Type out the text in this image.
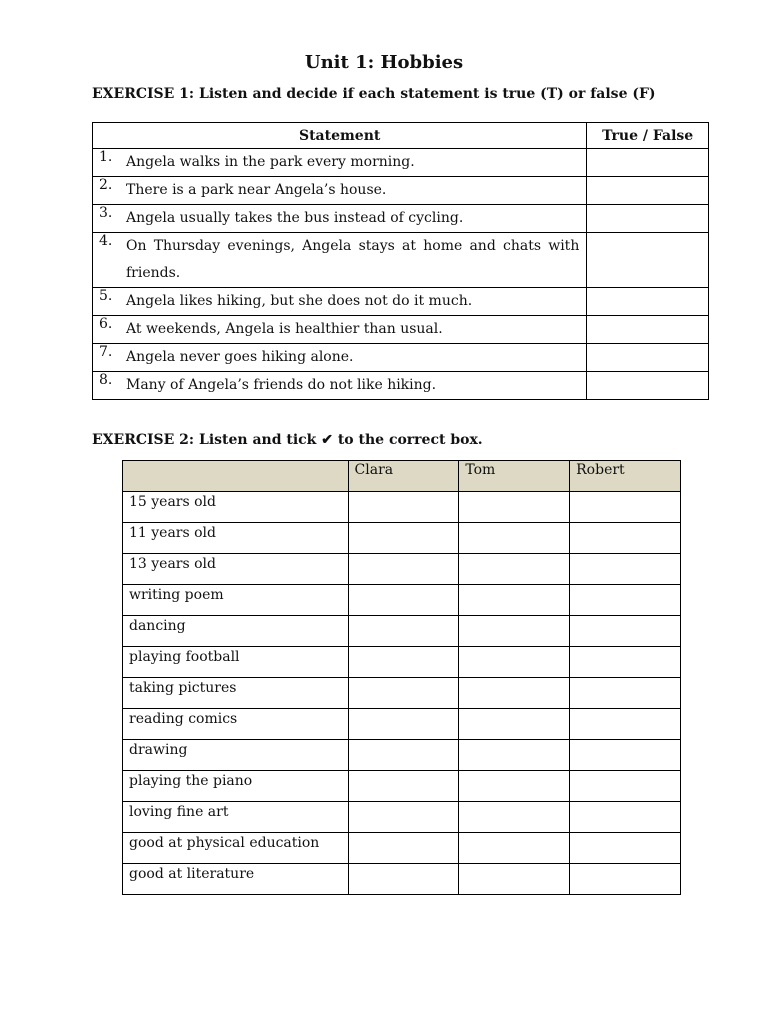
Unit 1: Hobbies
EXERCISE 1: Listen and decide if each statement is true (T) or false (F)
Statement	True / False

1. Angela walks in the park every morning.	

2. There is a park near Angela’s house.	

3. Angela usually takes the bus instead of cycling.	

4. On Thursday evenings, Angela stays at home and chats with friends.	

5. Angela likes hiking, but she does not do it much.	

6. At weekends, Angela is healthier than usual.	

7. Angela never goes hiking alone.	

8. Many of Angela’s friends do not like hiking.	

EXERCISE 2: Listen and tick ✔ to the correct box.
	Clara	Tom	Robert
15 years old			
11 years old			
13 years old			
writing poem			
dancing			
playing football			
taking pictures			
reading comics			
drawing			
playing the piano			
loving fine art			
good at physical education			
good at literature			
